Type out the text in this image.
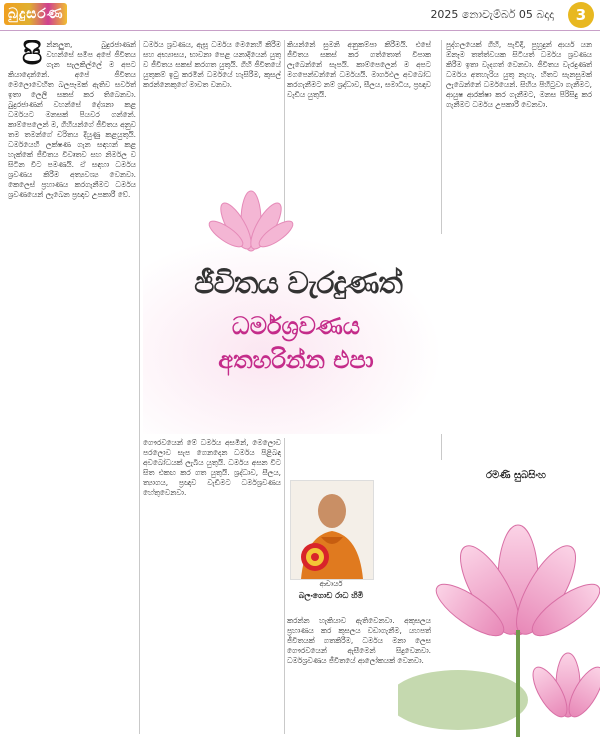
බුදුසරණ	2025 නොවැම්බර් 05 බදාදා	3
පි න්නලුත, බුදුරජාණන් වහන්සේ සමීප අපේ ජීවිතය ගැන සැලකිල්ලේ ම අපට කියාදෙන්නේ. අපේ ජීවිතය මෙලොවෙහිත බලපෑමක් ඇතිව සර්වත් ඉතා ලෙලි සකස් කර තිබෙනවා. බුදුරජාණන් වහන්සේ දේශනා කළ ධර්මයට මනසක් පියවර ගන්නේ. කාම්පෙලෙන් ම, ගිහියන්ගේ ජීවිතය අනුව තම තමන්ගේ චරිතය දියුණු කළයුතුයි. ධර්මයෙහි ලක්ෂණ ගැන සඳහන් කළ හැක්කේ ජීවිතය විවෘතව සහ නිර්මල ව සිටින විට පමණයි. ඒ සඳහා ධර්මය ශ්‍රවණය කිරීම අත්‍යවශ්‍ය වෙනවා. කෙලෙස් ප්‍රහාණය කරගැනීමට ධර්මය ශ්‍රවණයෙන් ලැබෙන ප්‍රඥාව උපකාරී වේ.

ධර්මය ශ්‍රවණය, ඇසූ ධර්මය මෙනෙහි කිරීම සහ අභ්‍යාසය, භාවනා පෙළ යනාදියෙන් යුතු ව ජීවිතය සකස් කරගත යුතුයි. ගිහි ජීවිතයේ යුතුකම් ඉටු කරමින් ධර්මයේ හැසිරීම, කුසල් කරන්නෙකුගේ මාවත වනවා.

කියන්නේ සුමනි අනුකම්පා කිරීමයි. එසේ ජීවිතය සකස් කර ගත්තොත් විපාක ලැබෙන්නේ සැපයි. කාම්පෙලෙන් ම අපට මගපෙන්වන්නේ ධර්මයයි. මාර්ගඵල අවබෝධ කරගැනීමට නම් ශ්‍රද්ධාව, සීලය, සමාධිය, ප්‍රඥාව වැඩිය යුතුයි.

පුද්ගලයෙක් ගිහි, පැවිදි, පුහුදුන් ආර්ය යන ඕනෑම තත්ත්වයක සිටියත් ධර්මය ශ්‍රවණය කිරීම ඉතා වැදගත් වෙනවා. ජීවිතය වැරදුණත් ධර්මය අතහැරිය යුතු නැහැ. හිතට සැනසුමක් ලැබෙන්නේ ධර්මයෙන්. සිහිය පිහිටුවා ගැනීමට, ආයුෂ ආරක්ෂා කර ගැනීමට, මනස පිරිසිදු කර ගැනීමට ධර්මය උපකාරී වෙනවා.

ජීවිතය වැරදුණත්
ධර්මශ්‍රවණය
අතහරින්න එපා

ගෞරවයෙන් මේ ධර්මය අසමින්, මෙලොව පරලොව සැප ගෙනදෙන ධර්මය පිළිබඳ අවබෝධයක් ලැබිය යුතුයි. ධර්මය අසන විට සිත එකඟ කර ගත යුතුයි. ශ්‍රද්ධාව, සීලය, ත්‍යාගය, ප්‍රඥාව වැඩීමට ධර්මශ්‍රවණය හේතුවෙනවා.

කරන්න හැකියාව ඇතිවෙනවා. අකුසලය ප්‍රහාණය කර කුසලය වඩාගැනීම, යහපත් ජීවිතයක් ගතකිරීම, ධර්මය මනා ලෙස ගෞරවයෙන් ඇසීමෙන් සිදුවෙනවා. ධර්මශ්‍රවණය ජීවිතයේ ආලෝකයක් වෙනවා.

ආචාර්ය
බලංගොඩ රාධ හිමි
රමණි සුබසිංහ
